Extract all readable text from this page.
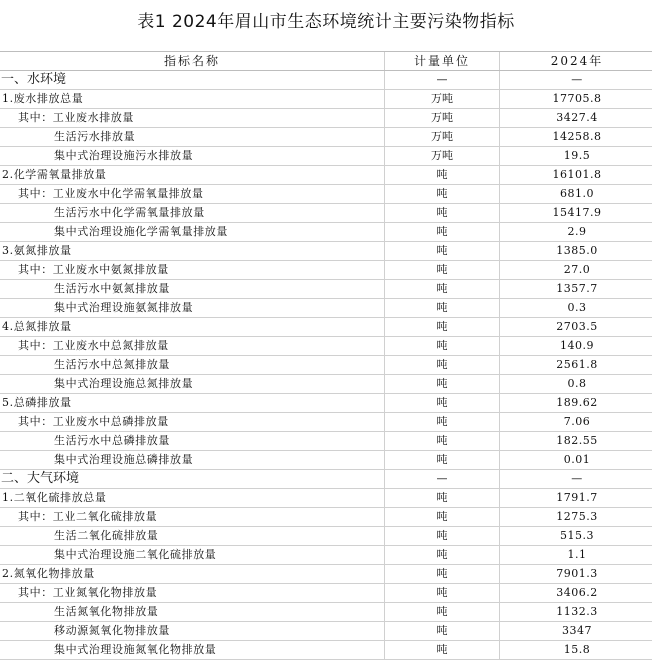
表1 2024年眉山市生态环境统计主要污染物指标
指标名称	计量单位	2024年
一、水环境	—	—
1.废水排放总量	万吨	17705.8
其中：工业废水排放量	万吨	3427.4
生活污水排放量	万吨	14258.8
集中式治理设施污水排放量	万吨	19.5
2.化学需氧量排放量	吨	16101.8
其中：工业废水中化学需氧量排放量	吨	681.0
生活污水中化学需氧量排放量	吨	15417.9
集中式治理设施化学需氧量排放量	吨	2.9
3.氨氮排放量	吨	1385.0
其中：工业废水中氨氮排放量	吨	27.0
生活污水中氨氮排放量	吨	1357.7
集中式治理设施氨氮排放量	吨	0.3
4.总氮排放量	吨	2703.5
其中：工业废水中总氮排放量	吨	140.9
生活污水中总氮排放量	吨	2561.8
集中式治理设施总氮排放量	吨	0.8
5.总磷排放量	吨	189.62
其中：工业废水中总磷排放量	吨	7.06
生活污水中总磷排放量	吨	182.55
集中式治理设施总磷排放量	吨	0.01
二、大气环境	—	—
1.二氧化硫排放总量	吨	1791.7
其中：工业二氧化硫排放量	吨	1275.3
生活二氧化硫排放量	吨	515.3
集中式治理设施二氧化硫排放量	吨	1.1
2.氮氧化物排放量	吨	7901.3
其中：工业氮氧化物排放量	吨	3406.2
生活氮氧化物排放量	吨	1132.3
移动源氮氧化物排放量	吨	3347
集中式治理设施氮氧化物排放量	吨	15.8
